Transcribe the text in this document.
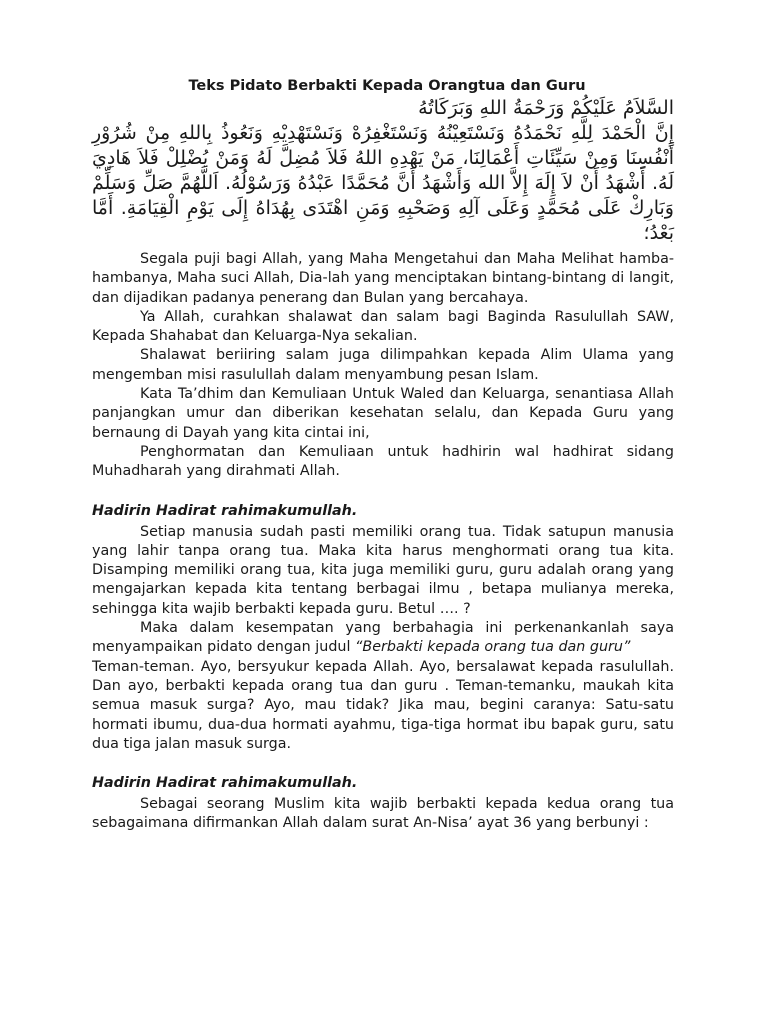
Teks Pidato Berbakti Kepada Orangtua dan Guru

السَّلاَمُ عَلَيْكُمْ وَرَحْمَةُ اللهِ وَبَرَكَاتُهُ

إِنَّ الْحَمْدَ لِلَّهِ نَحْمَدُهُ وَنَسْتَعِيْنُهُ وَنَسْتَغْفِرُهْ وَنَسْتَهْدِيْهِ وَنَعُوذُ بِاللهِ مِنْ شُرُوْرِ أَنْفُسِنَا وَمِنْ سَيِّئَاتِ أَعْمَالِنَا، مَنْ يَهْدِهِ اللهُ فَلاَ مُضِلَّ لَهُ وَمَنْ يُضْلِلْ فَلاَ هَادِيَ لَهُ. أَشْهَدُ أَنْ لاَ إِلَهَ إِلاَّ الله وَأَشْهَدُ أَنَّ مُحَمَّدًا عَبْدُهُ وَرَسُوْلُهُ. اَللَّهُمَّ صَلِّ وَسَلِّمْ وَبَارِكْ عَلَى مُحَمَّدٍ وَعَلَى آلِهِ وَصَحْبِهِ وَمَنِ اهْتَدَى بِهُدَاهُ إِلَى يَوْمِ الْقِيَامَةِ. أَمَّا بَعْدُ؛

Segala puji bagi Allah, yang Maha Mengetahui dan Maha Melihat hamba-hambanya, Maha suci Allah, Dia-lah yang menciptakan bintang-bintang di langit, dan dijadikan padanya penerang dan Bulan yang bercahaya.

Ya Allah, curahkan shalawat dan salam bagi Baginda Rasulullah SAW, Kepada Shahabat dan Keluarga-Nya sekalian.

Shalawat beriiring salam juga dilimpahkan kepada Alim Ulama yang mengemban misi rasulullah dalam menyambung pesan Islam.

Kata Ta’dhim dan Kemuliaan Untuk Waled dan Keluarga, senantiasa Allah panjangkan umur dan diberikan kesehatan selalu, dan Kepada Guru yang bernaung di Dayah yang kita cintai ini,

Penghormatan dan Kemuliaan untuk hadhirin wal hadhirat sidang Muhadharah yang dirahmati Allah.

Hadirin Hadirat rahimakumullah.

Setiap manusia sudah pasti memiliki orang tua. Tidak satupun manusia yang lahir tanpa orang tua. Maka kita harus menghormati orang tua kita. Disamping memiliki orang tua, kita juga memiliki guru, guru adalah orang yang mengajarkan kepada kita tentang berbagai ilmu , betapa mulianya mereka, sehingga kita wajib berbakti kepada guru. Betul …. ?

Maka dalam kesempatan yang berbahagia ini perkenankanlah saya menyampaikan pidato dengan judul “Berbakti kepada orang tua dan guru”

Teman-teman. Ayo, bersyukur kepada Allah. Ayo, bersalawat kepada rasulullah. Dan ayo, berbakti kepada orang tua dan guru . Teman-temanku, maukah kita semua masuk surga? Ayo, mau tidak? Jika mau, begini caranya: Satu-satu hormati ibumu, dua-dua hormati ayahmu, tiga-tiga hormat ibu bapak guru, satu dua tiga jalan masuk surga.

Hadirin Hadirat rahimakumullah.

Sebagai seorang Muslim kita wajib berbakti kepada kedua orang tua sebagaimana difirmankan Allah dalam surat An-Nisa’ ayat 36 yang berbunyi :
